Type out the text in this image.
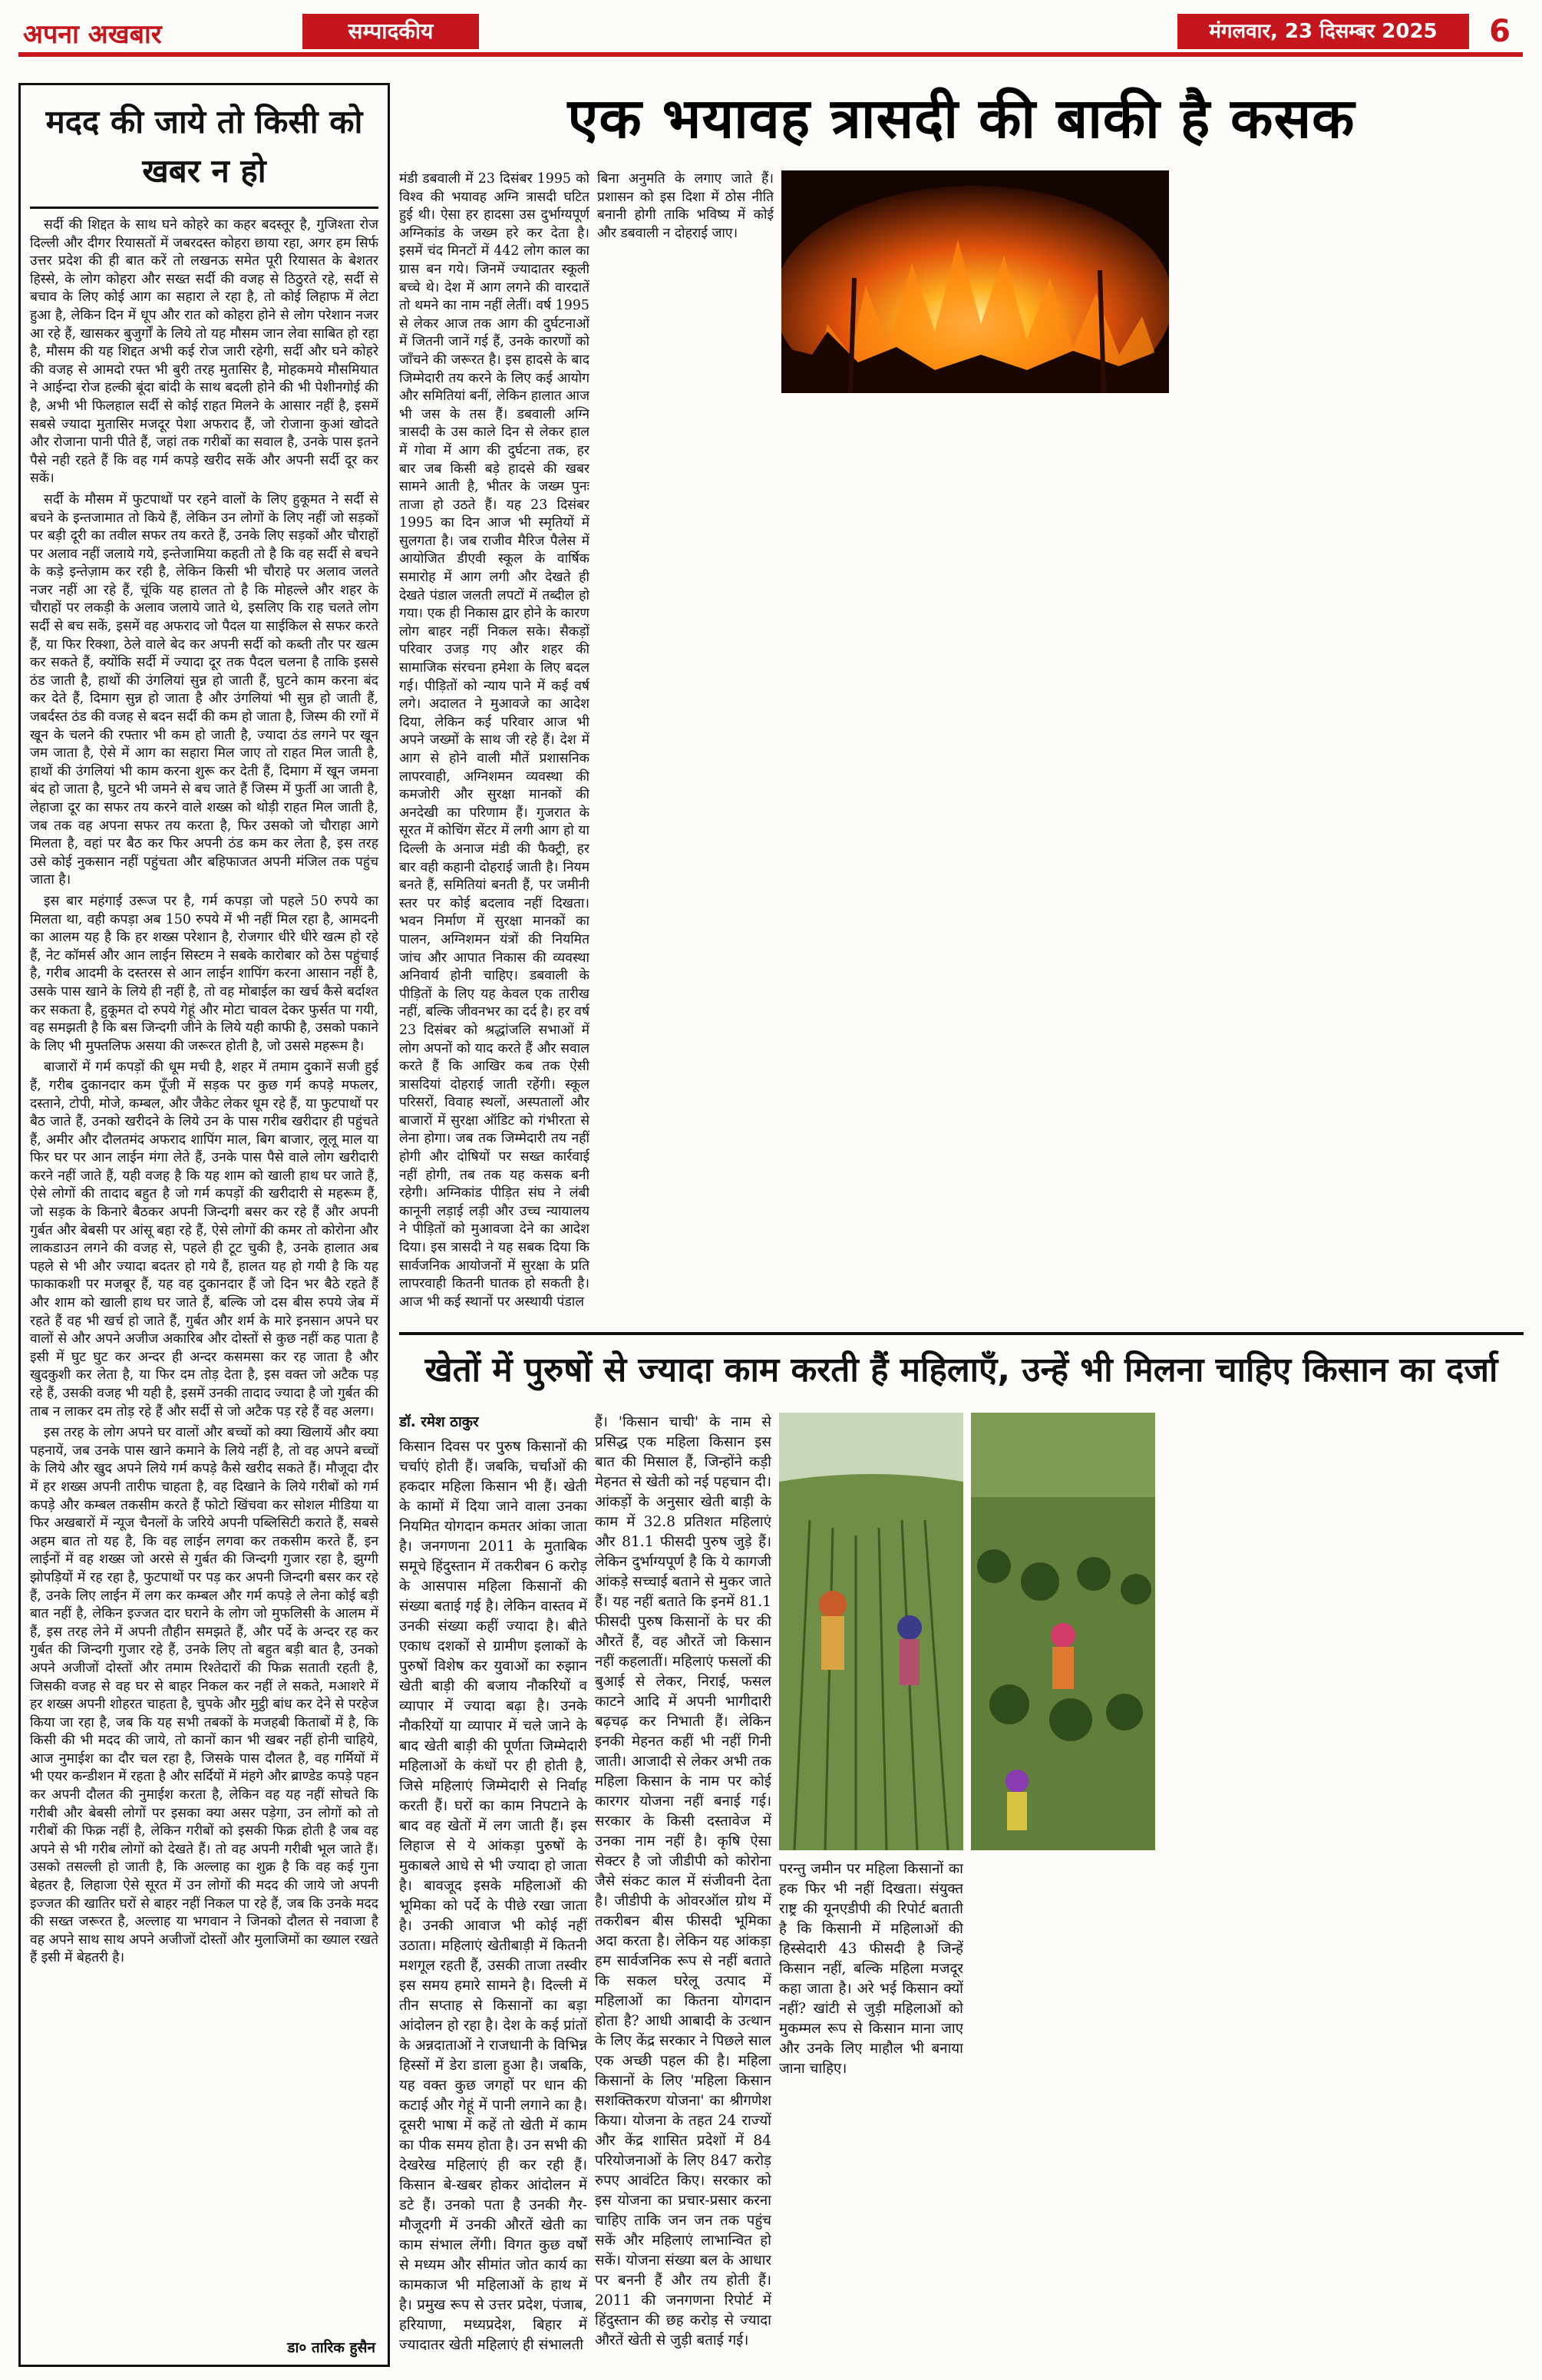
अपना अखबार	सम्पादकीय	मंगलवार, 23 दिसम्बर 2025	6
मदद की जाये तो किसी को खबर न हो

सर्दी की शिद्दत के साथ घने कोहरे का कहर बदस्तूर है, गुजिश्ता रोज दिल्ली और दीगर रियासतों में जबरदस्त कोहरा छाया रहा, अगर हम सिर्फ उत्तर प्रदेश की ही बात करें तो लखनऊ समेत पूरी रियासत के बेशतर हिस्से, के लोग कोहरा और सख्त सर्दी की वजह से ठिठुरते रहे, सर्दी से बचाव के लिए कोई आग का सहारा ले रहा है, तो कोई लिहाफ में लेटा हुआ है, लेकिन दिन में धूप और रात को कोहरा होने से लोग परेशान नजर आ रहे हैं, खासकर बुजुर्गों के लिये तो यह मौसम जान लेवा साबित हो रहा है, मौसम की यह शिद्दत अभी कई रोज जारी रहेगी, सर्दी और घने कोहरे की वजह से आमदो रफ्त भी बुरी तरह मुतासिर है, मोहकमये मौसमियात ने आईन्दा रोज हल्की बूंदा बांदी के साथ बदली होने की भी पेशीनगोई की है, अभी भी फिलहाल सर्दी से कोई राहत मिलने के आसार नहीं है, इसमें सबसे ज्यादा मुतासिर मजदूर पेशा अफराद हैं, जो रोजाना कुआं खोदते और रोजाना पानी पीते हैं, जहां तक गरीबों का सवाल है, उनके पास इतने पैसे नही रहते हैं कि वह गर्म कपड़े खरीद सकें और अपनी सर्दी दूर कर सकें।

सर्दी के मौसम में फुटपाथों पर रहने वालों के लिए हुकूमत ने सर्दी से बचने के इन्तजामात तो किये हैं, लेकिन उन लोगों के लिए नहीं जो सड़कों पर बड़ी दूरी का तवील सफर तय करते हैं, उनके लिए सड़कों और चौराहों पर अलाव नहीं जलाये गये, इन्तेजामिया कहती तो है कि वह सर्दी से बचने के कड़े इन्तेज़ाम कर रही है, लेकिन किसी भी चौराहे पर अलाव जलते नजर नहीं आ रहे हैं, चूंकि यह हालत तो है कि मोहल्ले और शहर के चौराहों पर लकड़ी के अलाव जलाये जाते थे, इसलिए कि राह चलते लोग सर्दी से बच सकें, इसमें वह अफराद जो पैदल या साईकिल से सफर करते हैं, या फिर रिक्शा, ठेले वाले बेद कर अपनी सर्दी को कब्ती तौर पर खत्म कर सकते हैं, क्योंकि सर्दी में ज्यादा दूर तक पैदल चलना है ताकि इससे ठंड जाती है, हाथों की उंगलियां सुन्न हो जाती हैं, घुटने काम करना बंद कर देते हैं, दिमाग सुन्न हो जाता है और उंगलियां भी सुन्न हो जाती हैं, जबर्दस्त ठंड की वजह से बदन सर्दी की कम हो जाता है, जिस्म की रगों में खून के चलने की रफ्तार भी कम हो जाती है, ज्यादा ठंड लगने पर खून जम जाता है, ऐसे में आग का सहारा मिल जाए तो राहत मिल जाती है, हाथों की उंगलियां भी काम करना शुरू कर देती हैं, दिमाग में खून जमना बंद हो जाता है, घुटने भी जमने से बच जाते हैं जिस्म में फुर्ती आ जाती है, लेहाजा दूर का सफर तय करने वाले शख्स को थोड़ी राहत मिल जाती है, जब तक वह अपना सफर तय करता है, फिर उसको जो चौराहा आगे मिलता है, वहां पर बैठ कर फिर अपनी ठंड कम कर लेता है, इस तरह उसे कोई नुकसान नहीं पहुंचता और बहिफाजत अपनी मंजिल तक पहुंच जाता है।

इस बार महंगाई उरूज पर है, गर्म कपड़ा जो पहले 50 रुपये का मिलता था, वही कपड़ा अब 150 रुपये में भी नहीं मिल रहा है, आमदनी का आलम यह है कि हर शख्स परेशान है, रोजगार धीरे धीरे खत्म हो रहे हैं, नेट कॉमर्स और आन लाईन सिस्टम ने सबके कारोबार को ठेस पहुंचाई है, गरीब आदमी के दस्तरस से आन लाईन शापिंग करना आसान नहीं है, उसके पास खाने के लिये ही नहीं है, तो वह मोबाईल का खर्च कैसे बर्दाश्त कर सकता है, हुकूमत दो रुपये गेहूं और मोटा चावल देकर फुर्सत पा गयी, वह समझती है कि बस जिन्दगी जीने के लिये यही काफी है, उसको पकाने के लिए भी मुफ्तलिफ असया की जरूरत होती है, जो उससे महरूम है।

बाजारों में गर्म कपड़ों की धूम मची है, शहर में तमाम दुकानें सजी हुई हैं, गरीब दुकानदार कम पूँजी में सड़क पर कुछ गर्म कपड़े मफलर, दस्ताने, टोपी, मोजे, कम्बल, और जैकेट लेकर धूम रहे हैं, या फुटपाथों पर बैठ जाते हैं, उनको खरीदने के लिये उन के पास गरीब खरीदार ही पहुंचते हैं, अमीर और दौलतमंद अफराद शापिंग माल, बिग बाजार, लूलू माल या फिर घर पर आन लाईन मंगा लेते हैं, उनके पास पैसे वाले लोग खरीदारी करने नहीं जाते हैं, यही वजह है कि यह शाम को खाली हाथ घर जाते हैं, ऐसे लोगों की तादाद बहुत है जो गर्म कपड़ों की खरीदारी से महरूम हैं, जो सड़क के किनारे बैठकर अपनी जिन्दगी बसर कर रहे हैं और अपनी गुर्बत और बेबसी पर आंसू बहा रहे हैं, ऐसे लोगों की कमर तो कोरोना और लाकडाउन लगने की वजह से, पहले ही टूट चुकी है, उनके हालात अब पहले से भी और ज्यादा बदतर हो गये हैं, हालत यह हो गयी है कि यह फाकाकशी पर मजबूर हैं, यह वह दुकानदार हैं जो दिन भर बैठे रहते हैं और शाम को खाली हाथ घर जाते हैं, बल्कि जो दस बीस रुपये जेब में रहते हैं वह भी खर्च हो जाते हैं, गुर्बत और शर्म के मारे इनसान अपने घर वालों से और अपने अजीज अकारिब और दोस्तों से कुछ नहीं कह पाता है इसी में घुट घुट कर अन्दर ही अन्दर कसमसा कर रह जाता है और खुदकुशी कर लेता है, या फिर दम तोड़ देता है, इस वक्त जो अटैक पड़ रहे हैं, उसकी वजह भी यही है, इसमें उनकी तादाद ज्यादा है जो गुर्बत की ताब न लाकर दम तोड़ रहे हैं और सर्दी से जो अटैक पड़ रहे हैं वह अलग।

इस तरह के लोग अपने घर वालों और बच्चों को क्या खिलायें और क्या पहनायें, जब उनके पास खाने कमाने के लिये नहीं है, तो वह अपने बच्चों के लिये और खुद अपने लिये गर्म कपड़े कैसे खरीद सकते हैं। मौजूदा दौर में हर शख्स अपनी तारीफ चाहता है, वह दिखाने के लिये गरीबों को गर्म कपड़े और कम्बल तकसीम करते हैं फोटो खिंचवा कर सोशल मीडिया या फिर अखबारों में न्यूज चैनलों के जरिये अपनी पब्लिसिटी कराते हैं, सबसे अहम बात तो यह है, कि वह लाईन लगवा कर तकसीम करते हैं, इन लाईनों में वह शख्स जो अरसे से गुर्बत की जिन्दगी गुजार रहा है, झुग्गी झोपड़ियों में रह रहा है, फुटपाथों पर पड़ कर अपनी जिन्दगी बसर कर रहे हैं, उनके लिए लाईन में लग कर कम्बल और गर्म कपड़े ले लेना कोई बड़ी बात नहीं है, लेकिन इज्जत दार घराने के लोग जो मुफलिसी के आलम में हैं, इस तरह लेने में अपनी तौहीन समझते हैं, और पर्दे के अन्दर रह कर गुर्बत की जिन्दगी गुजार रहे हैं, उनके लिए तो बहुत बड़ी बात है, उनको अपने अजीजों दोस्तों और तमाम रिश्तेदारों की फिक्र सताती रहती है, जिसकी वजह से वह घर से बाहर निकल कर नहीं ले सकते, मआशरे में हर शख्स अपनी शोहरत चाहता है, चुपके और मुट्ठी बांध कर देने से परहेज किया जा रहा है, जब कि यह सभी तबकों के मजहबी किताबों में है, कि किसी की भी मदद की जाये, तो कानों कान भी खबर नहीं होनी चाहिये, आज नुमाईश का दौर चल रहा है, जिसके पास दौलत है, वह गर्मियों में भी एयर कन्डीशन में रहता है और सर्दियों में मंहगे और ब्राण्डेड कपड़े पहन कर अपनी दौलत की नुमाईश करता है, लेकिन वह यह नहीं सोचते कि गरीबी और बेबसी लोगों पर इसका क्या असर पड़ेगा, उन लोगों को तो गरीबों की फिक्र नहीं है, लेकिन गरीबों को इसकी फिक्र होती है जब वह अपने से भी गरीब लोगों को देखते हैं। तो वह अपनी गरीबी भूल जाते हैं। उसको तसल्ली हो जाती है, कि अल्लाह का शुक्र है कि वह कई गुना बेहतर है, लिहाजा ऐसे सूरत में उन लोगों की मदद की जाये जो अपनी इज्जत की खातिर घरों से बाहर नहीं निकल पा रहे हैं, जब कि उनके मदद की सख्त जरूरत है, अल्लाह या भगवान ने जिनको दौलत से नवाजा है वह अपने साथ साथ अपने अजीजों दोस्तों और मुलाजिमों का ख्याल रखते हैं इसी में बेहतरी है।

डा० तारिक हुसैन
एक भयावह त्रासदी की बाकी है कसक
मंडी डबवाली में 23 दिसंबर 1995 को विश्व की भयावह अग्नि त्रासदी घटित हुई थी। ऐसा हर हादसा उस दुर्भाग्यपूर्ण अग्निकांड के जख्म हरे कर देता है। इसमें चंद मिनटों में 442 लोग काल का ग्रास बन गये। जिनमें ज्यादातर स्कूली बच्चे थे। देश में आग लगने की वारदातें तो थमने का नाम नहीं लेतीं। वर्ष 1995 से लेकर आज तक आग की दुर्घटनाओं में जितनी जानें गई हैं, उनके कारणों को जाँचने की जरूरत है। इस हादसे के बाद जिम्मेदारी तय करने के लिए कई आयोग और समितियां बनीं, लेकिन हालात आज भी जस के तस हैं। डबवाली अग्नि त्रासदी के उस काले दिन से लेकर हाल में गोवा में आग की दुर्घटना तक, हर बार जब किसी बड़े हादसे की खबर सामने आती है, भीतर के जख्म पुनः ताजा हो उठते हैं। यह 23 दिसंबर 1995 का दिन आज भी स्मृतियों में सुलगता है। जब राजीव मैरिज पैलेस में आयोजित डीएवी स्कूल के वार्षिक समारोह में आग लगी और देखते ही देखते पंडाल जलती लपटों में तब्दील हो गया। एक ही निकास द्वार होने के कारण लोग बाहर नहीं निकल सके। सैकड़ों परिवार उजड़ गए और शहर की सामाजिक संरचना हमेशा के लिए बदल गई। पीड़ितों को न्याय पाने में कई वर्ष लगे। अदालत ने मुआवजे का आदेश दिया, लेकिन कई परिवार आज भी अपने जख्मों के साथ जी रहे हैं। देश में आग से होने वाली मौतें प्रशासनिक लापरवाही, अग्निशमन व्यवस्था की कमजोरी और सुरक्षा मानकों की अनदेखी का परिणाम हैं। गुजरात के सूरत में कोचिंग सेंटर में लगी आग हो या दिल्ली के अनाज मंडी की फैक्ट्री, हर बार वही कहानी दोहराई जाती है। नियम बनते हैं, समितियां बनती हैं, पर जमीनी स्तर पर कोई बदलाव नहीं दिखता। भवन निर्माण में सुरक्षा मानकों का पालन, अग्निशमन यंत्रों की नियमित जांच और आपात निकास की व्यवस्था अनिवार्य होनी चाहिए। डबवाली के पीड़ितों के लिए यह केवल एक तारीख नहीं, बल्कि जीवनभर का दर्द है। हर वर्ष 23 दिसंबर को श्रद्धांजलि सभाओं में लोग अपनों को याद करते हैं और सवाल करते हैं कि आखिर कब तक ऐसी त्रासदियां दोहराई जाती रहेंगी। स्कूल परिसरों, विवाह स्थलों, अस्पतालों और बाजारों में सुरक्षा ऑडिट को गंभीरता से लेना होगा। जब तक जिम्मेदारी तय नहीं होगी और दोषियों पर सख्त कार्रवाई नहीं होगी, तब तक यह कसक बनी रहेगी। अग्निकांड पीड़ित संघ ने लंबी कानूनी लड़ाई लड़ी और उच्च न्यायालय ने पीड़ितों को मुआवजा देने का आदेश दिया। इस त्रासदी ने यह सबक दिया कि सार्वजनिक आयोजनों में सुरक्षा के प्रति लापरवाही कितनी घातक हो सकती है। आज भी कई स्थानों पर अस्थायी पंडाल
बिना अनुमति के लगाए जाते हैं। प्रशासन को इस दिशा में ठोस नीति बनानी होगी ताकि भविष्य में कोई और डबवाली न दोहराई जाए।
खेतों में पुरुषों से ज्यादा काम करती हैं महिलाएँ, उन्हें भी मिलना चाहिए किसान का दर्जा
डॉ. रमेश ठाकुर
किसान दिवस पर पुरुष किसानों की चर्चाएं होती हैं। जबकि, चर्चाओं की हकदार महिला किसान भी हैं। खेती के कामों में दिया जाने वाला उनका नियमित योगदान कमतर आंका जाता है। जनगणना 2011 के मुताबिक समूचे हिंदुस्तान में तकरीबन 6 करोड़ के आसपास महिला किसानों की संख्या बताई गई है। लेकिन वास्तव में उनकी संख्या कहीं ज्यादा है। बीते एकाध दशकों से ग्रामीण इलाकों के पुरुषों विशेष कर युवाओं का रुझान खेती बाड़ी की बजाय नौकरियों व व्यापार में ज्यादा बढ़ा है। उनके नौकरियों या व्यापार में चले जाने के बाद खेती बाड़ी की पूर्णता जिम्मेदारी महिलाओं के कंधों पर ही होती है, जिसे महिलाएं जिम्मेदारी से निर्वाह करती हैं। घरों का काम निपटाने के बाद वह खेतों में लग जाती हैं। इस लिहाज से ये आंकड़ा पुरुषों के मुकाबले आधे से भी ज्यादा हो जाता है। बावजूद इसके महिलाओं की भूमिका को पर्दे के पीछे रखा जाता है। उनकी आवाज भी कोई नहीं उठाता। महिलाएं खेतीबाड़ी में कितनी मशगूल रहती हैं, उसकी ताजा तस्वीर इस समय हमारे सामने है। दिल्ली में तीन सप्ताह से किसानों का बड़ा आंदोलन हो रहा है। देश के कई प्रांतों के अन्नदाताओं ने राजधानी के विभिन्न हिस्सों में डेरा डाला हुआ है। जबकि, यह वक्त कुछ जगहों पर धान की कटाई और गेहूं में पानी लगाने का है। दूसरी भाषा में कहें तो खेती में काम का पीक समय होता है। उन सभी की देखरेख महिलाएं ही कर रही हैं। किसान बे-खबर होकर आंदोलन में डटे हैं। उनको पता है उनकी गैर-मौजूदगी में उनकी औरतें खेती का काम संभाल लेंगी। विगत कुछ वर्षों से मध्यम और सीमांत जोत कार्य का कामकाज भी महिलाओं के हाथ में है। प्रमुख रूप से उत्तर प्रदेश, पंजाब, हरियाणा, मध्यप्रदेश, बिहार में ज्यादातर खेती महिलाएं ही संभालती
हैं। 'किसान चाची' के नाम से प्रसिद्ध एक महिला किसान इस बात की मिसाल हैं, जिन्होंने कड़ी मेहनत से खेती को नई पहचान दी। आंकड़ों के अनुसार खेती बाड़ी के काम में 32.8 प्रतिशत महिलाएं और 81.1 फीसदी पुरुष जुड़े हैं। लेकिन दुर्भाग्यपूर्ण है कि ये कागजी आंकड़े सच्चाई बताने से मुकर जाते हैं। यह नहीं बताते कि इनमें 81.1 फीसदी पुरुष किसानों के घर की औरतें हैं, वह औरतें जो किसान नहीं कहलातीं। महिलाएं फसलों की बुआई से लेकर, निराई, फसल काटने आदि में अपनी भागीदारी बढ़चढ़ कर निभाती हैं। लेकिन इनकी मेहनत कहीं भी नहीं गिनी जाती। आजादी से लेकर अभी तक महिला किसान के नाम पर कोई कारगर योजना नहीं बनाई गई। सरकार के किसी दस्तावेज में उनका नाम नहीं है। कृषि ऐसा सेक्टर है जो जीडीपी को कोरोना जैसे संकट काल में संजीवनी देता है। जीडीपी के ओवरऑल ग्रोथ में तकरीबन बीस फीसदी भूमिका अदा करता है। लेकिन यह आंकड़ा हम सार्वजनिक रूप से नहीं बताते कि सकल घरेलू उत्पाद में महिलाओं का कितना योगदान होता है? आधी आबादी के उत्थान के लिए केंद्र सरकार ने पिछले साल एक अच्छी पहल की है। महिला किसानों के लिए 'महिला किसान सशक्तिकरण योजना' का श्रीगणेश किया। योजना के तहत 24 राज्यों और केंद्र शासित प्रदेशों में 84 परियोजनाओं के लिए 847 करोड़ रुपए आवंटित किए। सरकार को इस योजना का प्रचार-प्रसार करना चाहिए ताकि जन जन तक पहुंच सकें और महिलाएं लाभान्वित हो सकें। योजना संख्या बल के आधार पर बननी हैं और तय होती हैं। 2011 की जनगणना रिपोर्ट में हिंदुस्तान की छह करोड़ से ज्यादा औरतें खेती से जुड़ी बताई गई।
परन्तु जमीन पर महिला किसानों का हक फिर भी नहीं दिखता। संयुक्त राष्ट्र की यूनएडीपी की रिपोर्ट बताती है कि किसानी में महिलाओं की हिस्सेदारी 43 फीसदी है जिन्हें किसान नहीं, बल्कि महिला मजदूर कहा जाता है। अरे भई किसान क्यों नहीं? खांटी से जुड़ी महिलाओं को मुकम्मल रूप से किसान माना जाए और उनके लिए माहौल भी बनाया जाना चाहिए।
